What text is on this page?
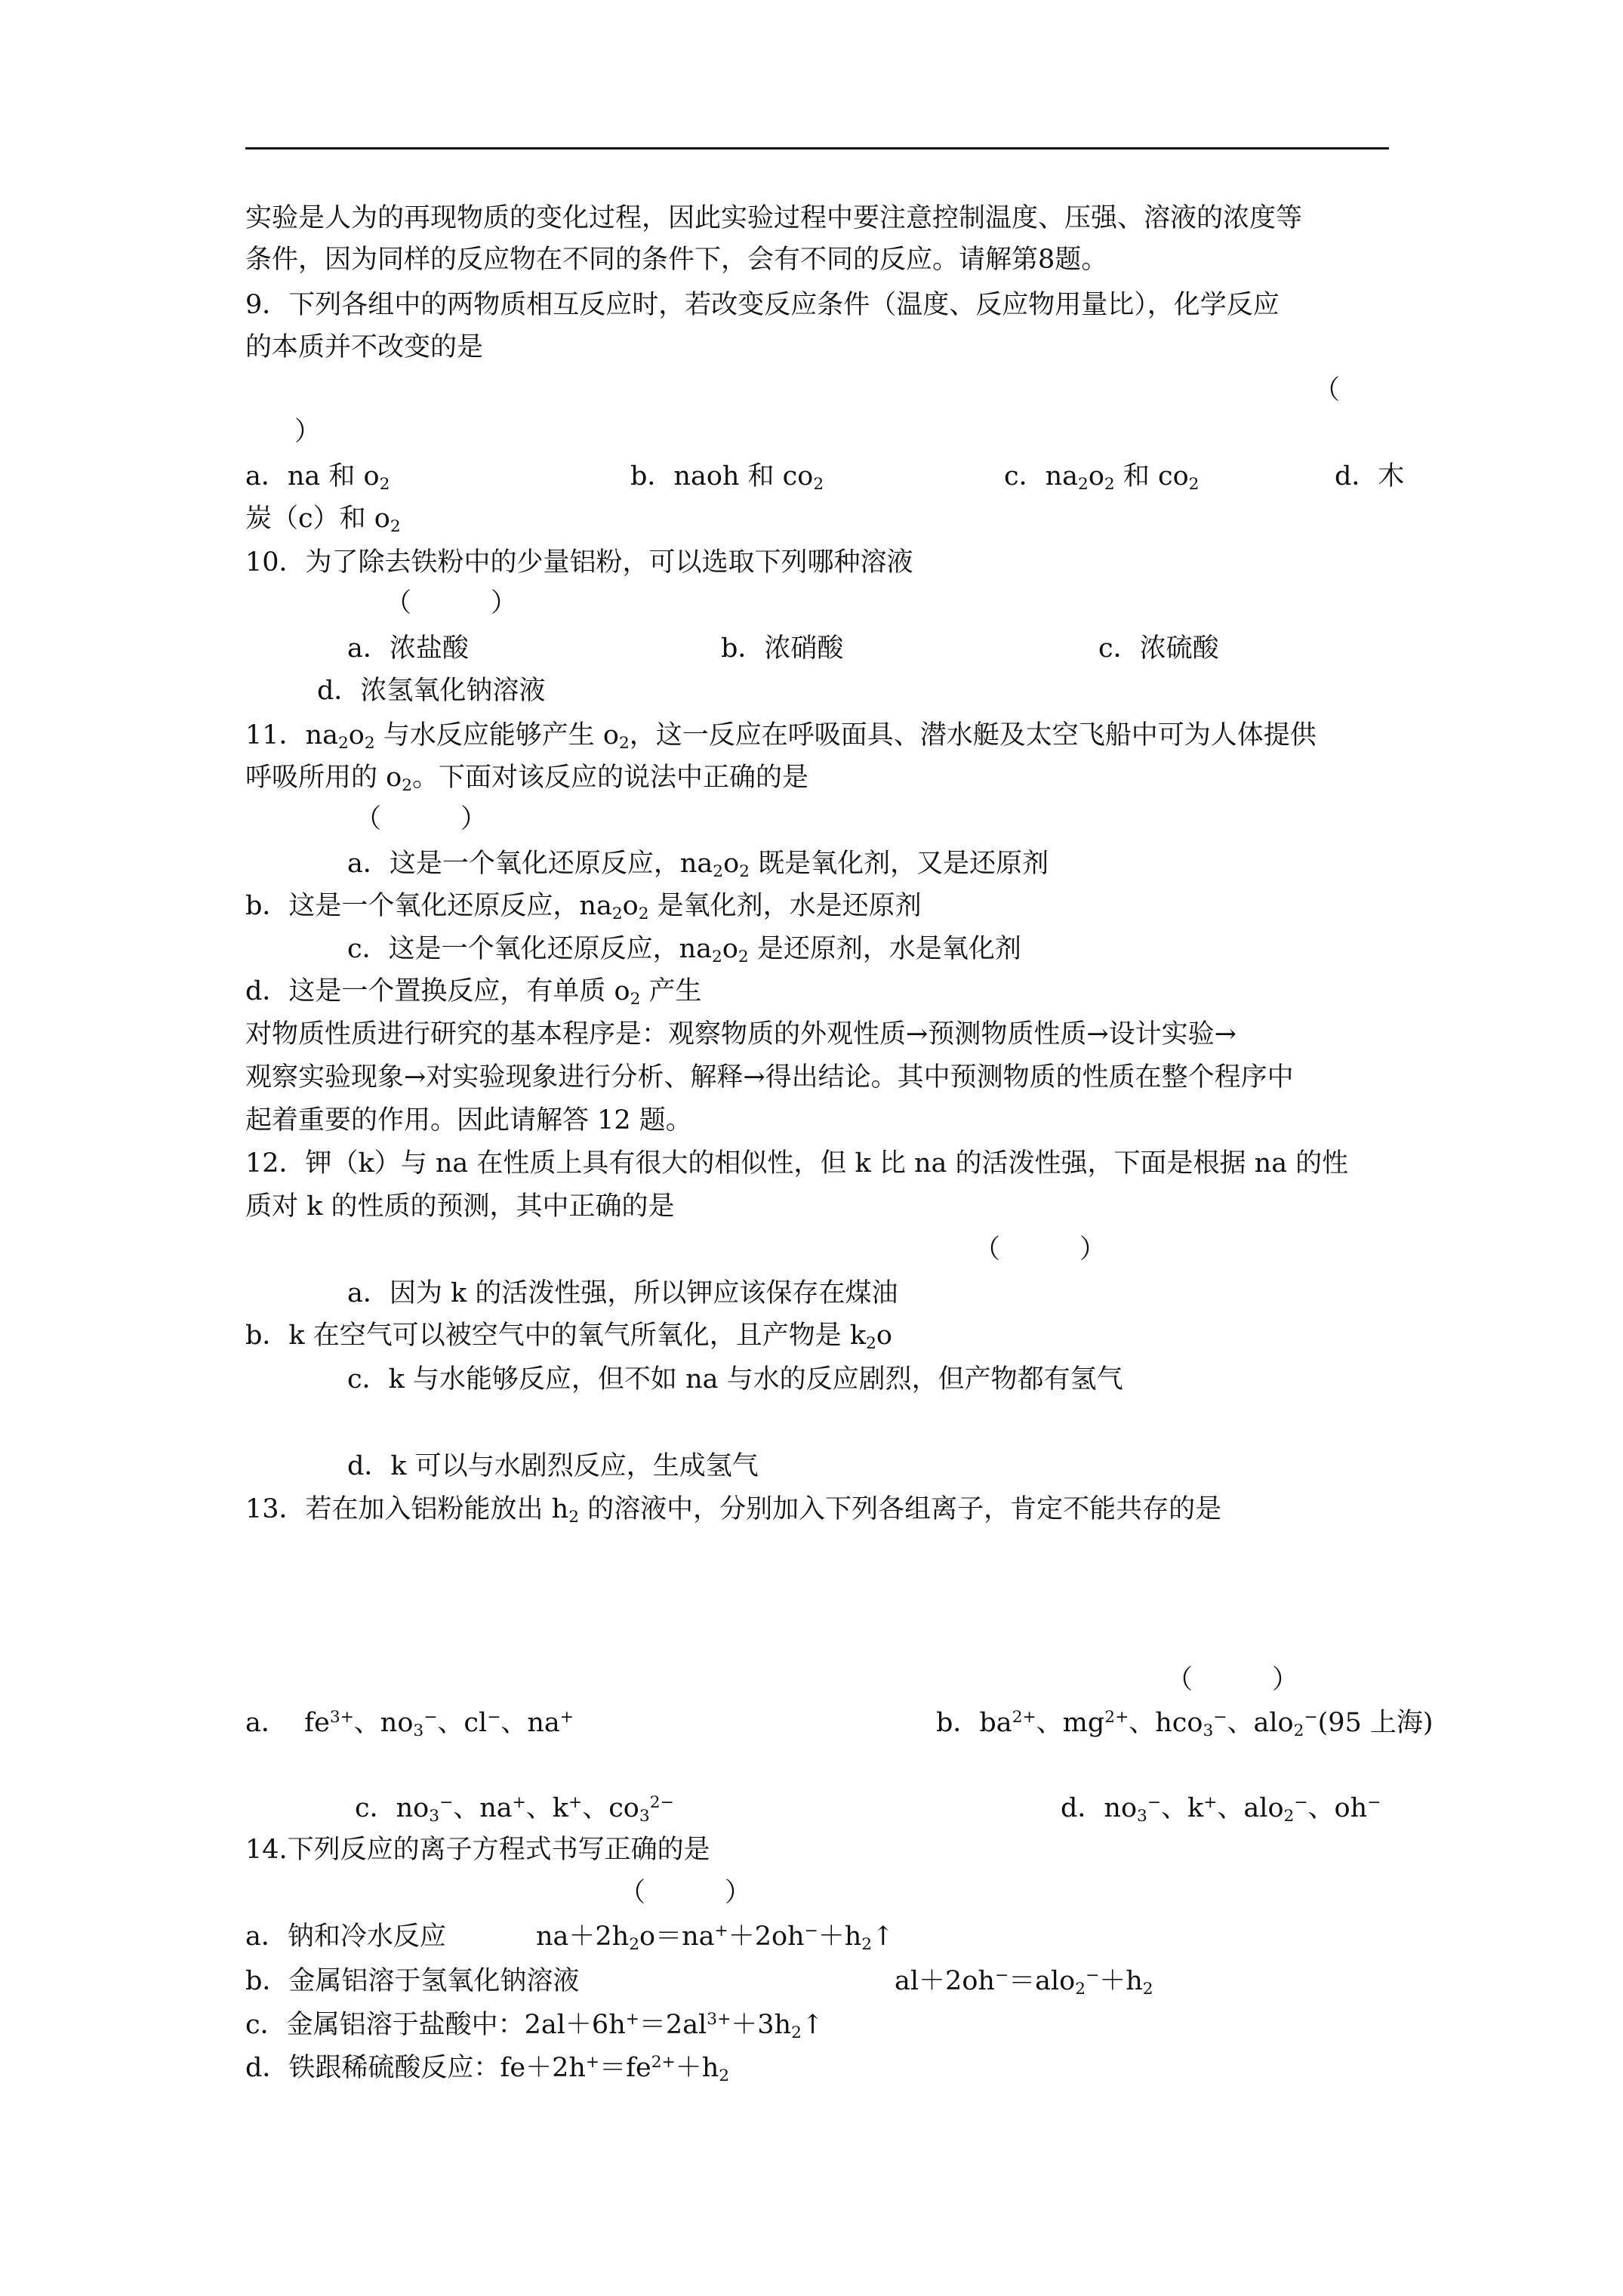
实验是人为的再现物质的变化过程，因此实验过程中要注意控制温度、压强、溶液的浓度等
条件，因为同样的反应物在不同的条件下，会有不同的反应。请解第8题。
9．下列各组中的两物质相互反应时，若改变反应条件（温度、反应物用量比），化学反应
的本质并不改变的是
（
）
a．na 和 $o_2$	b．naoh 和 $co_2$	c．$na_2o_2$ 和 $co_2$	d．木
炭（c）和 $o_2$
10．为了除去铁粉中的少量铝粉，可以选取下列哪种溶液
（　　　）
a．浓盐酸	b．浓硝酸	c．浓硫酸
d．浓氢氧化钠溶液
11．$na_2o_2$ 与水反应能够产生 $o_2$，这一反应在呼吸面具、潜水艇及太空飞船中可为人体提供
呼吸所用的 $o_2$。下面对该反应的说法中正确的是
（　　　）
a．这是一个氧化还原反应，$na_2o_2$ 既是氧化剂，又是还原剂
b．这是一个氧化还原反应，$na_2o_2$ 是氧化剂，水是还原剂
c．这是一个氧化还原反应，$na_2o_2$ 是还原剂，水是氧化剂
d．这是一个置换反应，有单质 $o_2$ 产生
对物质性质进行研究的基本程序是：观察物质的外观性质→预测物质性质→设计实验→
观察实验现象→对实验现象进行分析、解释→得出结论。其中预测物质的性质在整个程序中
起着重要的作用。因此请解答 12 题。
12．钾（k）与 na 在性质上具有很大的相似性，但 k 比 na 的活泼性强，下面是根据 na 的性
质对 k 的性质的预测，其中正确的是
（　　　）
a．因为 k 的活泼性强，所以钾应该保存在煤油
b．k 在空气可以被空气中的氧气所氧化，且产物是 $k_2o$
c．k 与水能够反应，但不如 na 与水的反应剧烈，但产物都有氢气
d．k 可以与水剧烈反应，生成氢气
13．若在加入铝粉能放出 $h_2$ 的溶液中，分别加入下列各组离子，肯定不能共存的是
（　　　）
a． $fe^{3+}$、$no_3^-$、cl−、na+	b．$ba^{2+}$、$mg^{2+}$、hco$_3$−、alo$_2$−(95 上海)
c．$no_3^-$、na+、k+、$co_3^{2-}$	d．$no_3^-$、k+、alo$_2$−、oh−
14.下列反应的离子方程式书写正确的是
（　　　）
a．钠和冷水反应	$na+2h_2o=na^++2oh^-+h_2↑$
b．金属铝溶于氢氧化钠溶液	$al+2oh^-=alo_2^-+h_2$
c．金属铝溶于盐酸中：$2al+6h^+=2al^{3+}+3h_2↑$
d．铁跟稀硫酸反应：$fe+2h^+=fe^{2+}+h_2$
